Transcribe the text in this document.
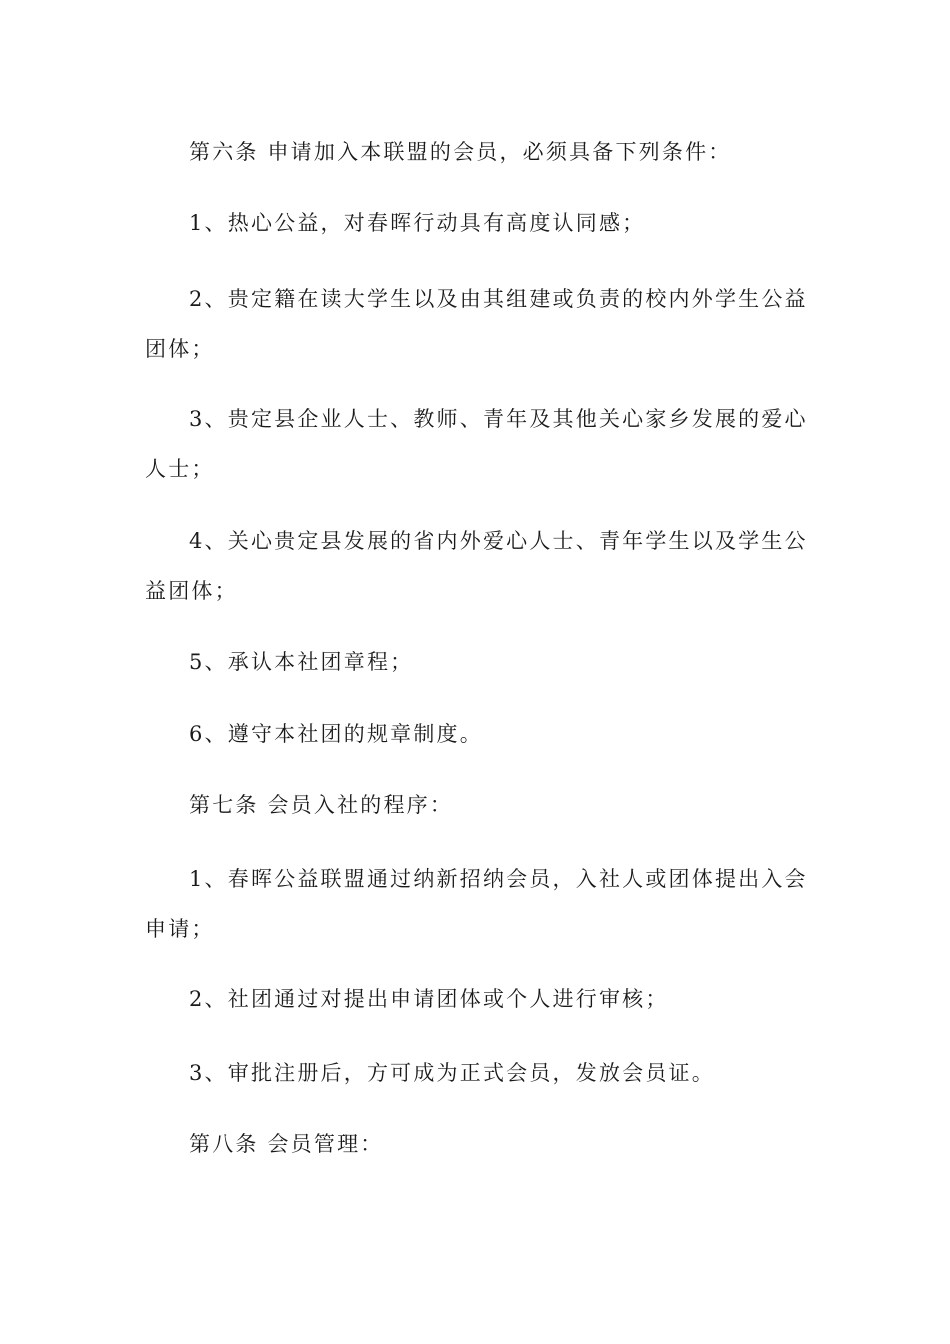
第六条 申请加入本联盟的会员，必须具备下列条件：

1、热心公益，对春晖行动具有高度认同感；

2、贵定籍在读大学生以及由其组建或负责的校内外学生公益团体；

3、贵定县企业人士、教师、青年及其他关心家乡发展的爱心人士；

4、关心贵定县发展的省内外爱心人士、青年学生以及学生公益团体；

5、承认本社团章程；

6、遵守本社团的规章制度。

第七条 会员入社的程序：

1、春晖公益联盟通过纳新招纳会员，入社人或团体提出入会申请；

2、社团通过对提出申请团体或个人进行审核；

3、审批注册后，方可成为正式会员，发放会员证。

第八条 会员管理：
